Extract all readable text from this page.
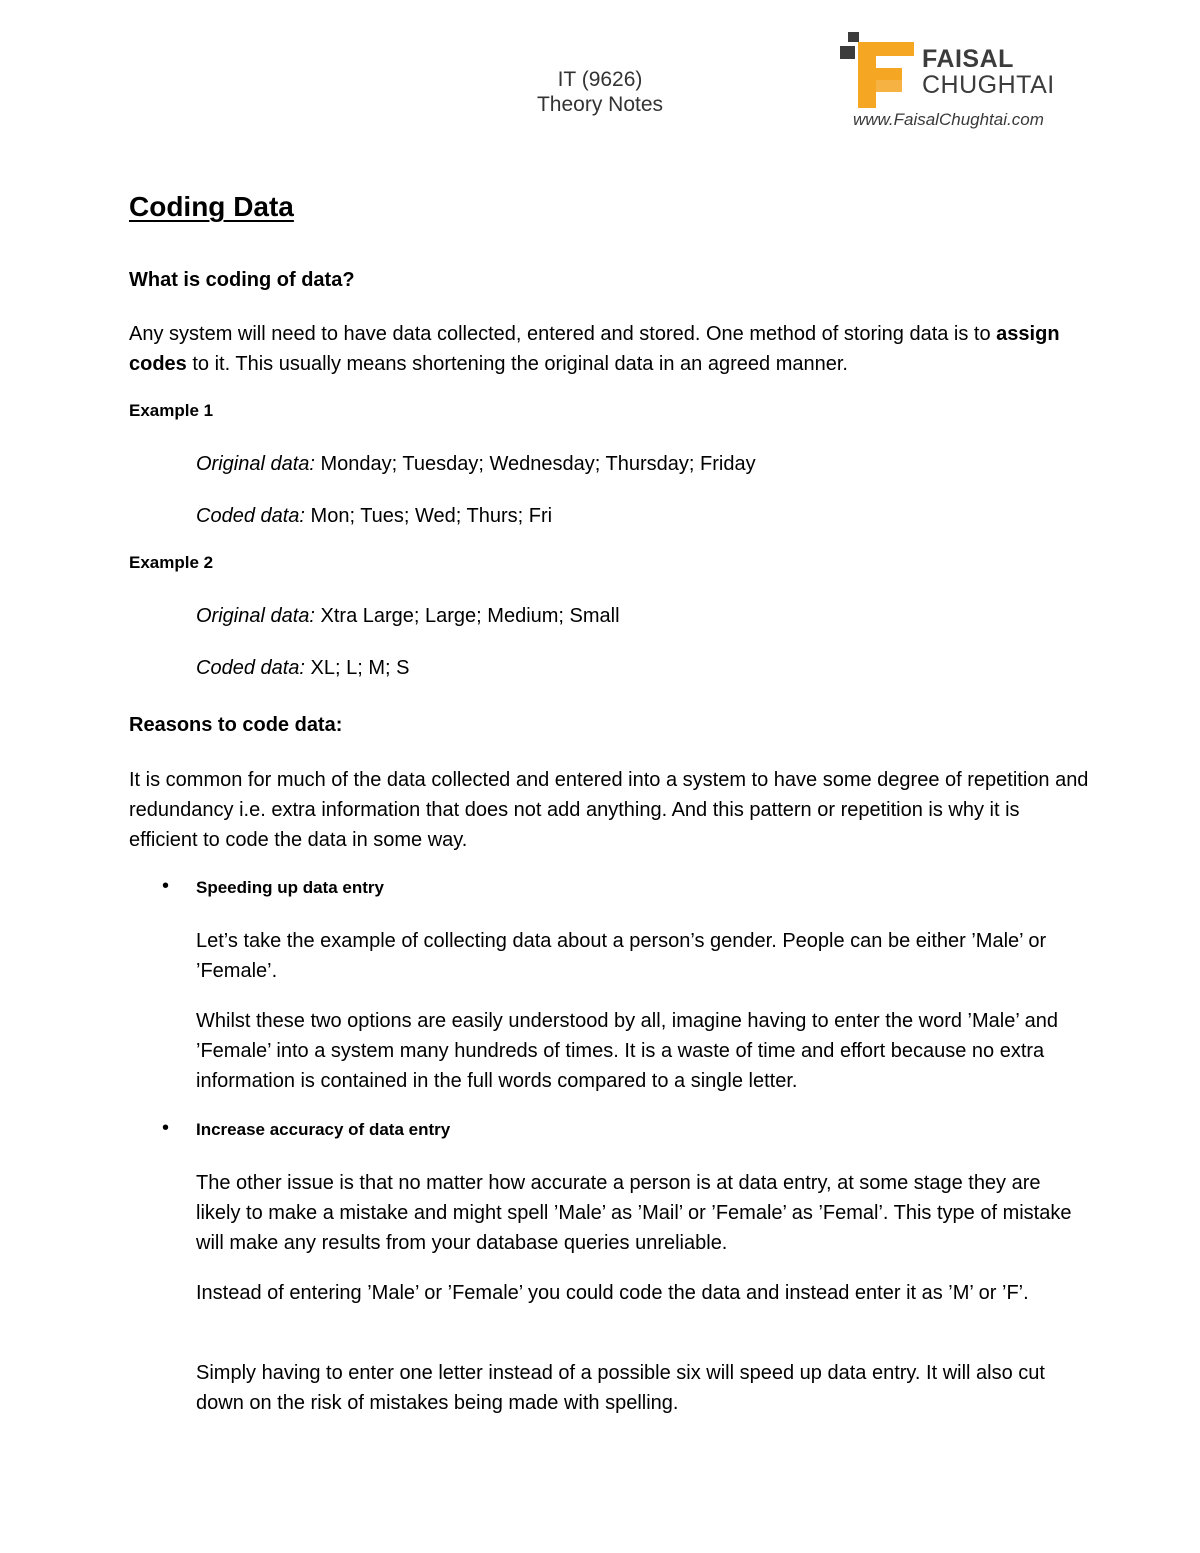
IT (9626)
Theory Notes
FAISAL
CHUGHTAI
www.FaisalChughtai.com
Coding Data
What is coding of data?
Any system will need to have data collected, entered and stored. One method of storing data is to assign codes to it. This usually means shortening the original data in an agreed manner.
Example 1
Original data: Monday; Tuesday; Wednesday; Thursday; Friday
Coded data: Mon; Tues; Wed; Thurs; Fri
Example 2
Original data: Xtra Large; Large; Medium; Small
Coded data: XL; L; M; S
Reasons to code data:
It is common for much of the data collected and entered into a system to have some degree of repetition and redundancy i.e. extra information that does not add anything. And this pattern or repetition is why it is efficient to code the data in some way.
• Speeding up data entry
Let’s take the example of collecting data about a person’s gender. People can be either ’Male’ or ’Female’.
Whilst these two options are easily understood by all, imagine having to enter the word ’Male’ and ’Female’ into a system many hundreds of times. It is a waste of time and effort because no extra information is contained in the full words compared to a single letter.
• Increase accuracy of data entry
The other issue is that no matter how accurate a person is at data entry, at some stage they are likely to make a mistake and might spell ’Male’ as ’Mail’ or ’Female’ as ’Femal’. This type of mistake will make any results from your database queries unreliable.
Instead of entering ’Male’ or ’Female’ you could code the data and instead enter it as ’M’ or ’F’.
Simply having to enter one letter instead of a possible six will speed up data entry. It will also cut down on the risk of mistakes being made with spelling.
